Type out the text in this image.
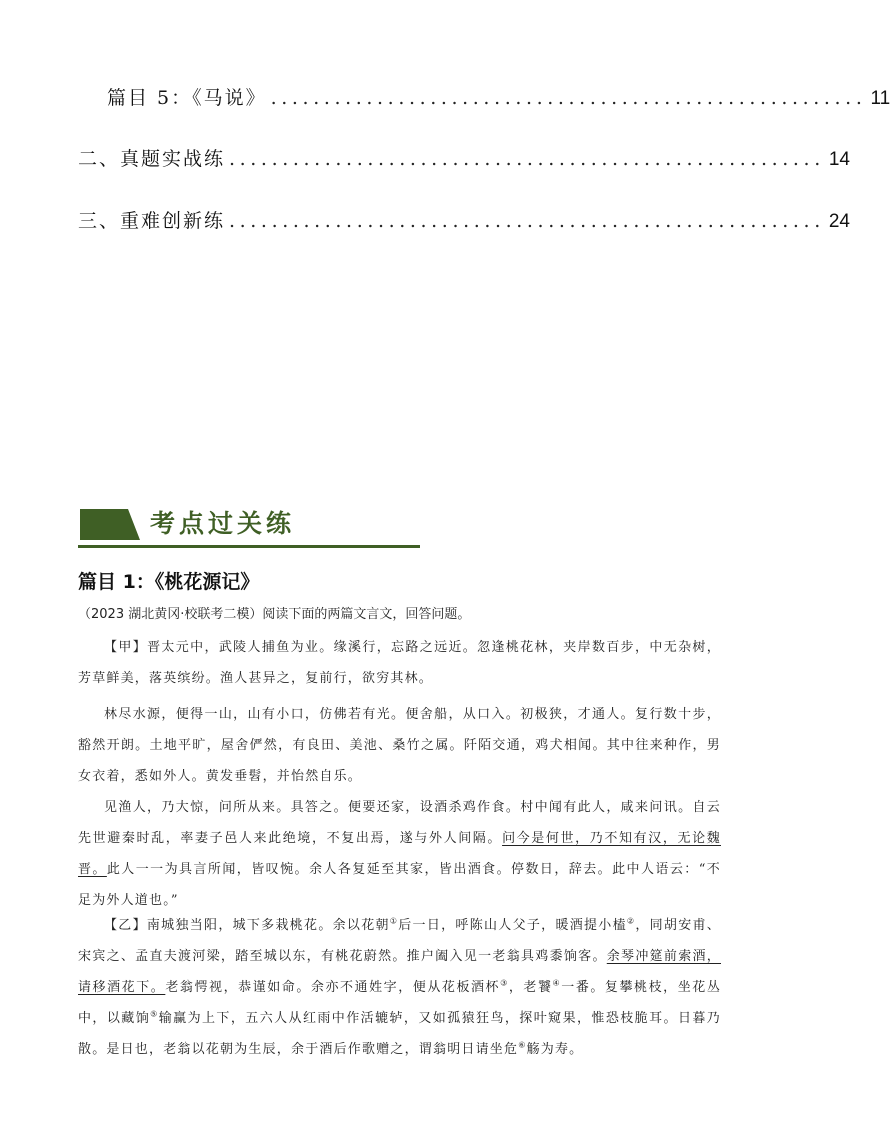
篇目 5：《马说》 ........................................................ 11
二、真题实战练 ........................................................ 14
三、重难创新练 ........................................................ 24
考点过关练
篇目 1：《桃花源记》
（2023 湖北黄冈·校联考二模）阅读下面的两篇文言文，回答问题。

【甲】晋太元中，武陵人捕鱼为业。缘溪行，忘路之远近。忽逢桃花林，夹岸数百步，中无杂树，芳草鲜美，落英缤纷。渔人甚异之，复前行，欲穷其林。

林尽水源，便得一山，山有小口，仿佛若有光。便舍船，从口入。初极狭，才通人。复行数十步，豁然开朗。土地平旷，屋舍俨然，有良田、美池、桑竹之属。阡陌交通，鸡犬相闻。其中往来种作，男女衣着，悉如外人。黄发垂髫，并怡然自乐。

见渔人，乃大惊，问所从来。具答之。便要还家，设酒杀鸡作食。村中闻有此人，咸来问讯。自云先世避秦时乱，率妻子邑人来此绝境，不复出焉，遂与外人间隔。问今是何世，乃不知有汉，无论魏晋。此人一一为具言所闻，皆叹惋。余人各复延至其家，皆出酒食。停数日，辞去。此中人语云：“不足为外人道也。”

【乙】南城独当阳，城下多栽桃花。余以花朝①后一日，呼陈山人父子，暖酒提小榼②，同胡安甫、宋宾之、孟直夫渡河梁，踏至城以东，有桃花蔚然。推户阖入见一老翁具鸡黍饷客。余琴冲筵前索酒，请移酒花下。老翁愕视，恭谨如命。余亦不通姓字，便从花板酒杯③，老饕④一番。复攀桃枝，坐花丛中，以藏饷⑤输赢为上下，五六人从红雨中作活辘轳，又如孤猿狂鸟，探叶窥果，惟恐枝脆耳。日暮乃散。是日也，老翁以花朝为生辰，余于酒后作歌赠之，谓翁明日请坐危⑥觞为寿。
